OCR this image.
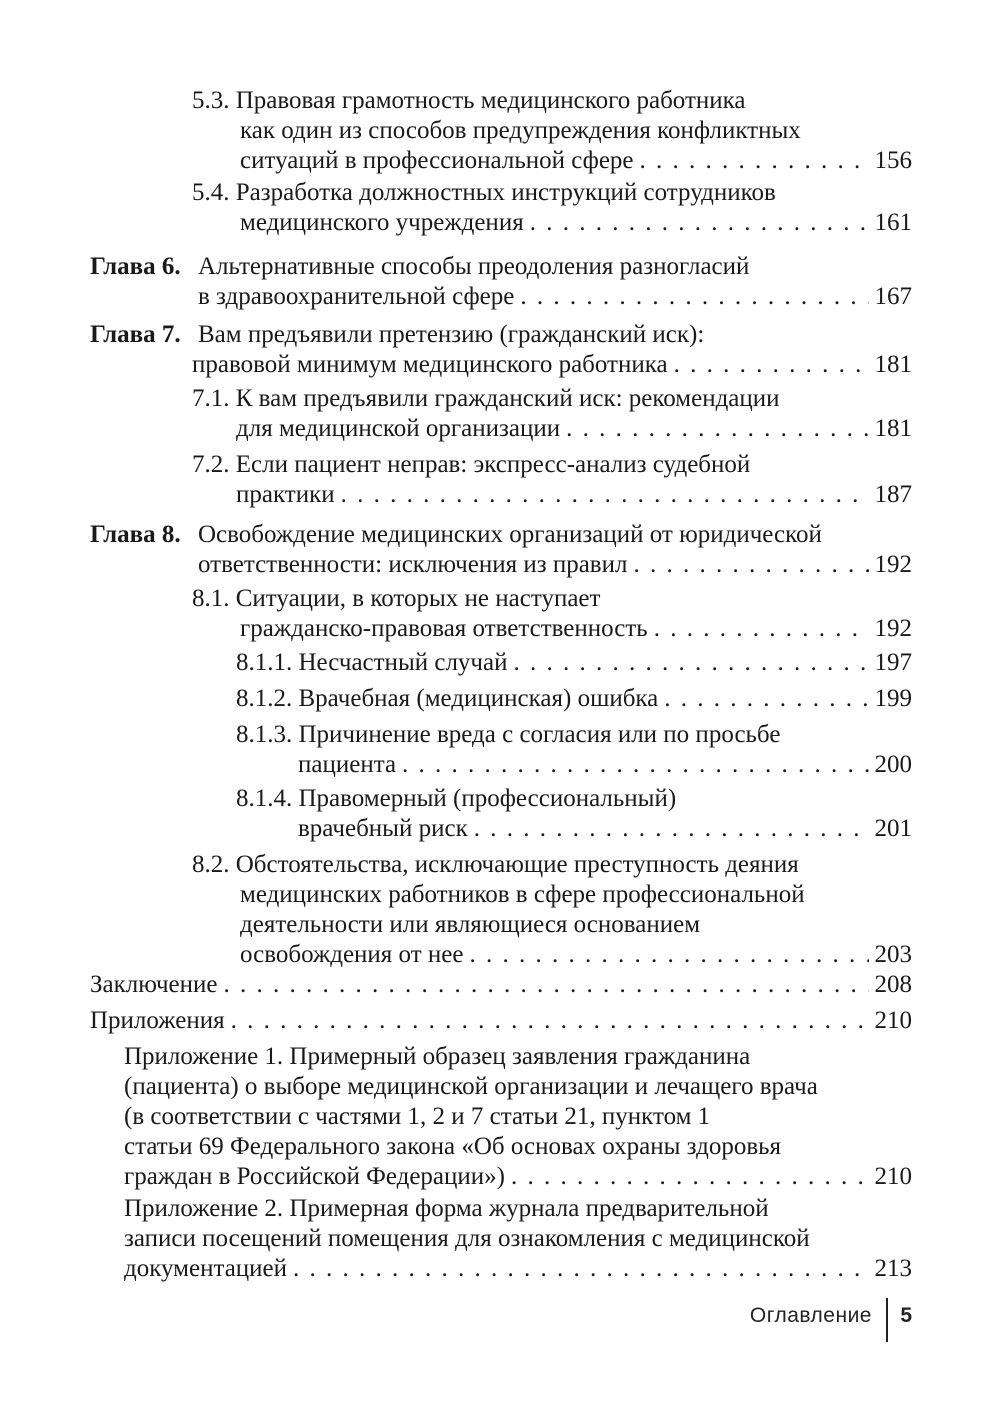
5.3. Правовая грамотность медицинского работника
как один из способов предупреждения конфликтных
ситуаций в профессиональной сфере . . .	156
5.4. Разработка должностных инструкций сотрудников
медицинского учреждения . . .	161
Глава 6. Альтернативные способы преодоления разногласий
в здравоохранительной сфере . . .	167
Глава 7. Вам предъявили претензию (гражданский иск):
правовой минимум медицинского работника . . .	181
7.1. К вам предъявили гражданский иск: рекомендации
для медицинской организации . . .	181
7.2. Если пациент неправ: экспресс-анализ судебной
практики . . .	187
Глава 8. Освобождение медицинских организаций от юридической
ответственности: исключения из правил . . .	192
8.1. Ситуации, в которых не наступает
гражданско-правовая ответственность . . .	192
8.1.1. Несчастный случай . . .	197
8.1.2. Врачебная (медицинская) ошибка . . .	199
8.1.3. Причинение вреда с согласия или по просьбе
пациента . . .	200
8.1.4. Правомерный (профессиональный)
врачебный риск . . .	201
8.2. Обстоятельства, исключающие преступность деяния
медицинских работников в сфере профессиональной
деятельности или являющиеся основанием
освобождения от нее . . .	203
Заключение . . .	208
Приложения . . .	210
Приложение 1. Примерный образец заявления гражданина
(пациента) о выборе медицинской организации и лечащего врача
(в соответствии с частями 1, 2 и 7 статьи 21, пунктом 1
статьи 69 Федерального закона «Об основах охраны здоровья
граждан в Российской Федерации») . . .	210
Приложение 2. Примерная форма журнала предварительной
записи посещений помещения для ознакомления с медицинской
документацией . . .	213
Оглавление 5
